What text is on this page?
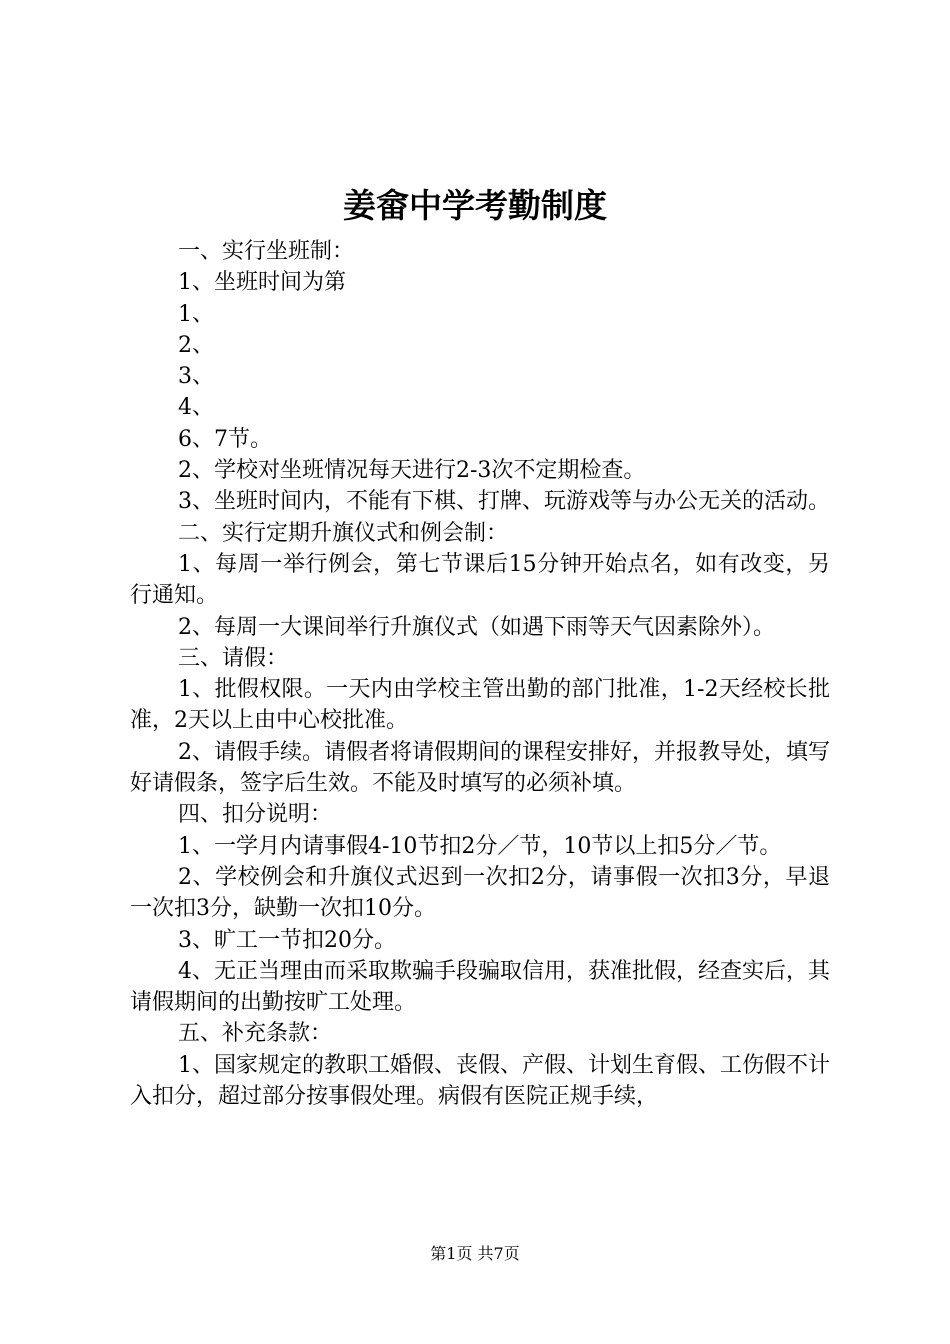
姜畲中学考勤制度

一、实行坐班制：

1、坐班时间为第

1、

2、

3、

4、

6、7节。

2、学校对坐班情况每天进行2-3次不定期检查。

3、坐班时间内，不能有下棋、打牌、玩游戏等与办公无关的活动。

二、实行定期升旗仪式和例会制：

1、每周一举行例会，第七节课后15分钟开始点名，如有改变，另行通知。

2、每周一大课间举行升旗仪式（如遇下雨等天气因素除外）。

三、请假：

1、批假权限。一天内由学校主管出勤的部门批准，1-2天经校长批准，2天以上由中心校批准。

2、请假手续。请假者将请假期间的课程安排好，并报教导处，填写好请假条，签字后生效。不能及时填写的必须补填。

四、扣分说明：

1、一学月内请事假4-10节扣2分／节，10节以上扣5分／节。

2、学校例会和升旗仪式迟到一次扣2分，请事假一次扣3分，早退一次扣3分，缺勤一次扣10分。

3、旷工一节扣20分。

4、无正当理由而采取欺骗手段骗取信用，获准批假，经查实后，其请假期间的出勤按旷工处理。

五、补充条款：

1、国家规定的教职工婚假、丧假、产假、计划生育假、工伤假不计入扣分，超过部分按事假处理。病假有医院正规手续，

第1页 共7页
